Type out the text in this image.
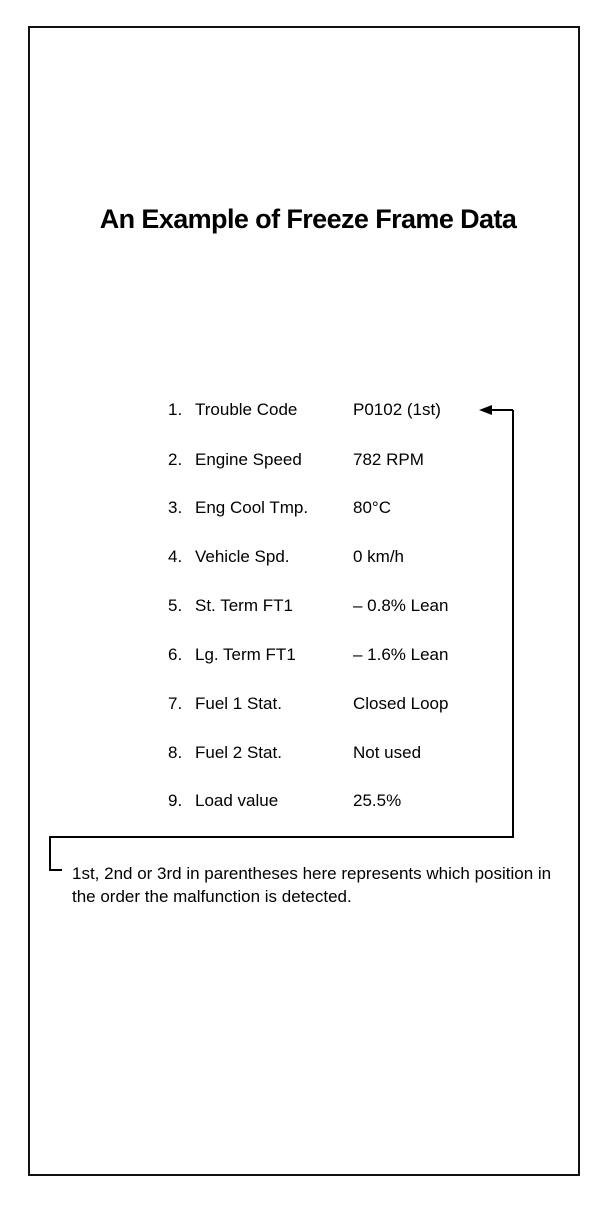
An Example of Freeze Frame Data
1. Trouble Code	P0102 (1st)
2. Engine Speed	782 RPM
3. Eng Cool Tmp.	80°C
4. Vehicle Spd.	0 km/h
5. St. Term FT1	– 0.8% Lean
6. Lg. Term FT1	– 1.6% Lean
7. Fuel 1 Stat.	Closed Loop
8. Fuel 2 Stat.	Not used
9. Load value	25.5%
1st, 2nd or 3rd in parentheses here represents which position in the order the malfunction is detected.
